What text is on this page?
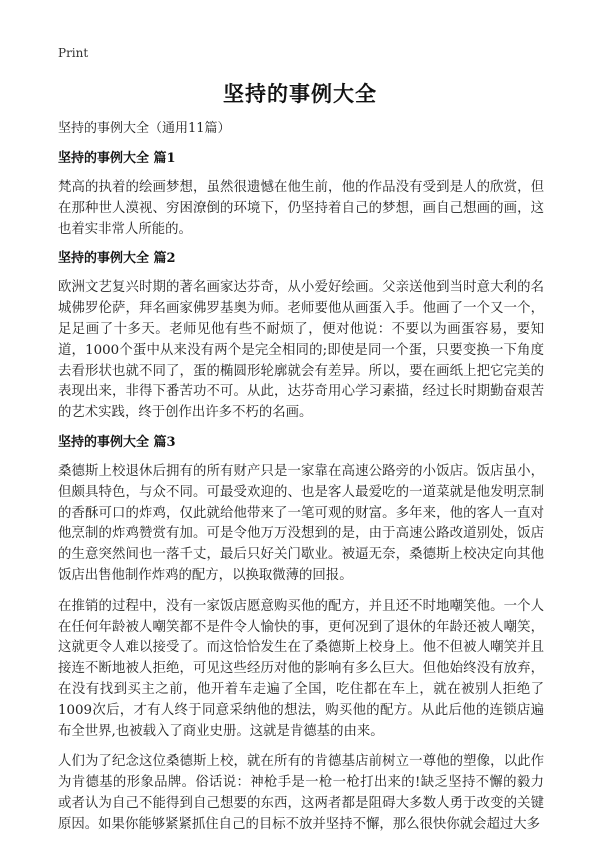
Print
坚持的事例大全

坚持的事例大全（通用11篇）

坚持的事例大全 篇1

梵高的执着的绘画梦想，虽然很遗憾在他生前，他的作品没有受到是人的欣赏，但在那种世人漠视、穷困潦倒的环境下，仍坚持着自己的梦想，画自己想画的画，这也着实非常人所能的。

坚持的事例大全 篇2

欧洲文艺复兴时期的著名画家达芬奇，从小爱好绘画。父亲送他到当时意大利的名城佛罗伦萨，拜名画家佛罗基奥为师。老师要他从画蛋入手。他画了一个又一个，足足画了十多天。老师见他有些不耐烦了，便对他说：不要以为画蛋容易，要知道，1000个蛋中从来没有两个是完全相同的;即使是同一个蛋，只要变换一下角度去看形状也就不同了，蛋的椭圆形轮廓就会有差异。所以，要在画纸上把它完美的表现出来，非得下番苦功不可。从此，达芬奇用心学习素描，经过长时期勤奋艰苦的艺术实践，终于创作出许多不朽的名画。

坚持的事例大全 篇3

桑德斯上校退休后拥有的所有财产只是一家靠在高速公路旁的小饭店。饭店虽小，但颇具特色，与众不同。可最受欢迎的、也是客人最爱吃的一道菜就是他发明烹制的香酥可口的炸鸡，仅此就给他带来了一笔可观的财富。多年来，他的客人一直对他烹制的炸鸡赞赏有加。可是令他万万没想到的是，由于高速公路改道别处，饭店的生意突然间也一落千丈，最后只好关门歇业。被逼无奈，桑德斯上校决定向其他饭店出售他制作炸鸡的配方，以换取微薄的回报。

在推销的过程中，没有一家饭店愿意购买他的配方，并且还不时地嘲笑他。一个人在任何年龄被人嘲笑都不是件令人愉快的事，更何况到了退休的年龄还被人嘲笑，这就更令人难以接受了。而这恰恰发生在了桑德斯上校身上。他不但被人嘲笑并且接连不断地被人拒绝，可见这些经历对他的影响有多么巨大。但他始终没有放弃，在没有找到买主之前，他开着车走遍了全国，吃住都在车上，就在被别人拒绝了1009次后，才有人终于同意采纳他的想法，购买他的配方。从此后他的连锁店遍布全世界,也被载入了商业史册。这就是肯德基的由来。

人们为了纪念这位桑德斯上校，就在所有的肯德基店前树立一尊他的塑像，以此作为肯德基的形象品牌。俗话说：神枪手是一枪一枪打出来的!缺乏坚持不懈的毅力或者认为自己不能得到自己想要的东西，这两者都是阻碍大多数人勇于改变的关键原因。如果你能够紧紧抓住自己的目标不放并坚持不懈，那么很快你就会超过大多
